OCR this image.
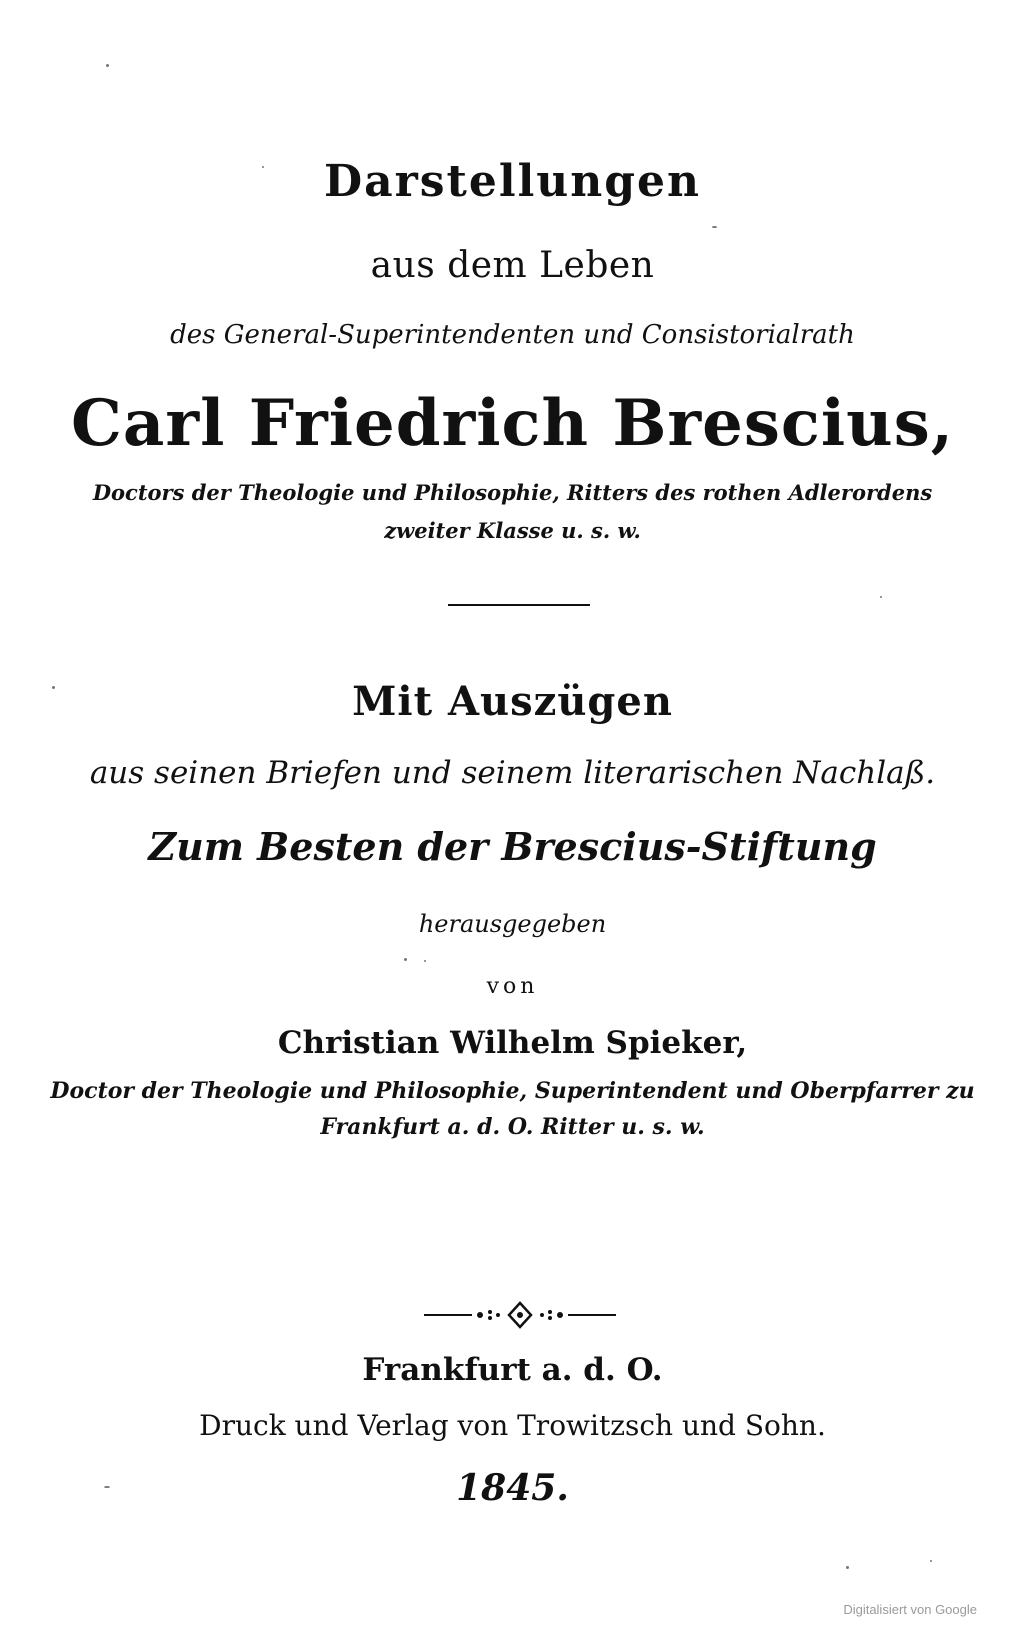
Darstellungen
aus dem Leben
des General-Superintendenten und Consistorialrath
Carl Friedrich Brescius,
Doctors der Theologie und Philosophie, Ritters des rothen Adlerordens
zweiter Klasse u. s. w.
Mit Auszügen
aus seinen Briefen und seinem literarischen Nachlaß.
Zum Besten der Brescius-Stiftung
herausgegeben
von
Christian Wilhelm Spieker,
Doctor der Theologie und Philosophie, Superintendent und Oberpfarrer zu
Frankfurt a. d. O. Ritter u. s. w.
Frankfurt a. d. O.
Druck und Verlag von Trowitzsch und Sohn.
1845.
Digitalisiert von Google
